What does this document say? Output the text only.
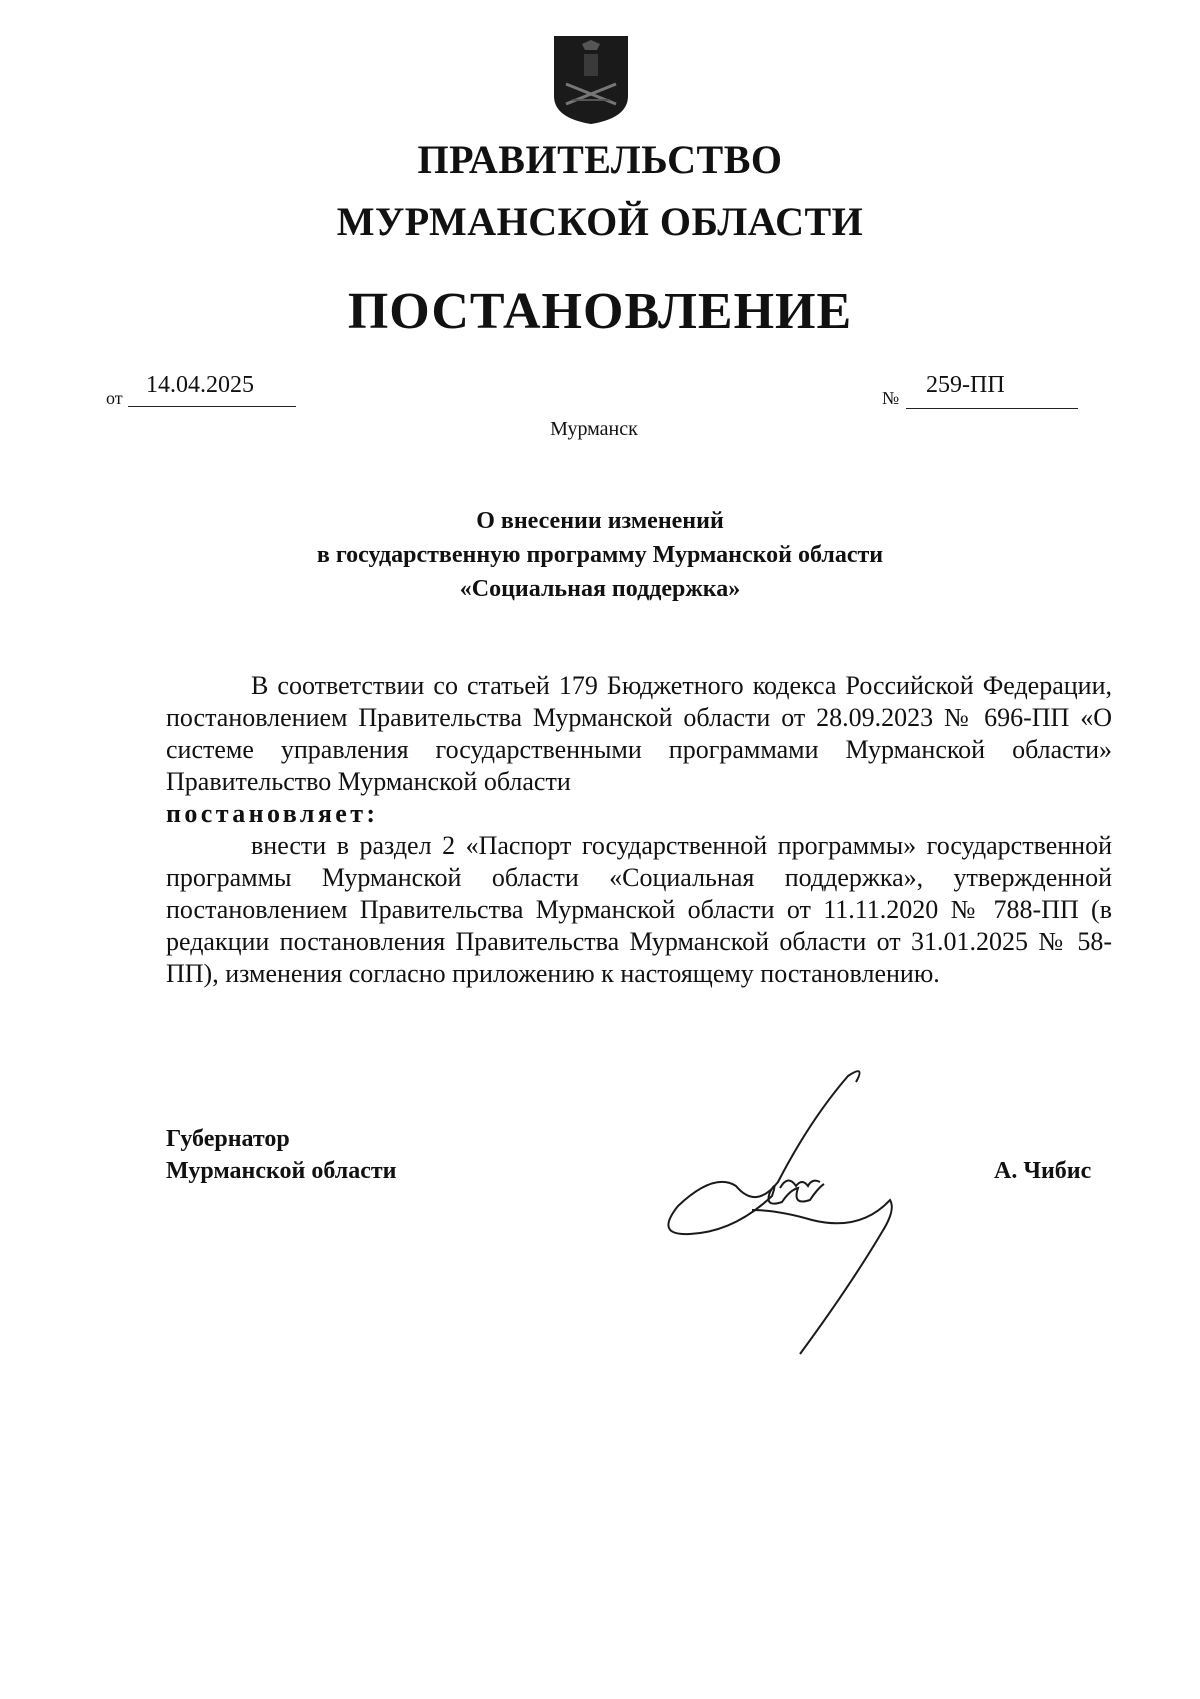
ПРАВИТЕЛЬСТВО
МУРМАНСКОЙ ОБЛАСТИ
ПОСТАНОВЛЕНИЕ
от 14.04.2025	№ 259-ПП
Мурманск
О внесении изменений
в государственную программу Мурманской области
«Социальная поддержка»

В соответствии со статьей 179 Бюджетного кодекса Российской Федерации, постановлением Правительства Мурманской области от 28.09.2023 № 696-ПП «О системе управления государственными программами Мурманской области» Правительство Мурманской области

постановляет:

внести в раздел 2 «Паспорт государственной программы» государственной программы Мурманской области «Социальная поддержка», утвержденной постановлением Правительства Мурманской области от 11.11.2020 № 788-ПП (в редакции постановления Правительства Мурманской области от 31.01.2025 № 58-ПП), изменения согласно приложению к настоящему постановлению.

Губернатор
Мурманской области	А. Чибис
